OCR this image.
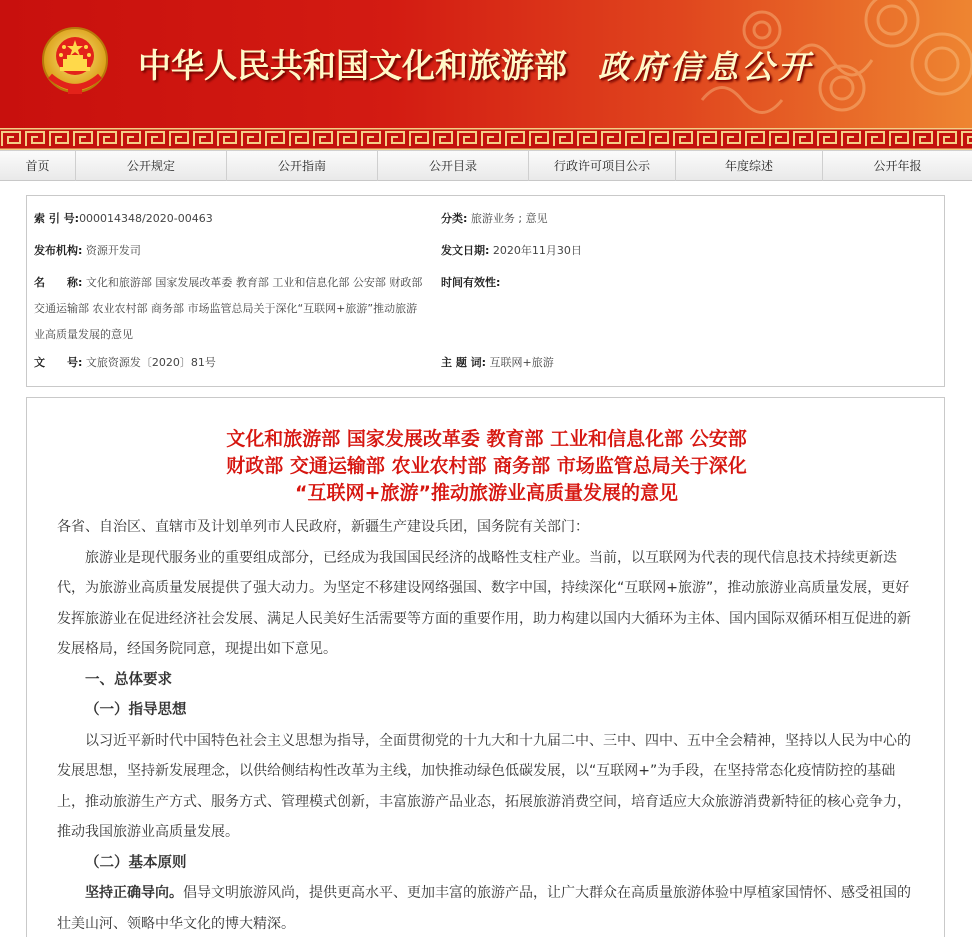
中华人民共和国文化和旅游部 政府信息公开
首页	公开规定	公开指南	公开目录	行政许可项目公示	年度综述	公开年报
索 引 号:000014348/2020-00463	分类: 旅游业务 ; 意见
发布机构: 资源开发司	发文日期: 2020年11月30日
名 称: 文化和旅游部 国家发展改革委 教育部 工业和信息化部 公安部 财政部 交通运输部 农业农村部 商务部 市场监管总局关于深化“互联网+旅游”推动旅游业高质量发展的意见
时间有效性:
文 号: 文旅资源发〔2020〕81号	主 题 词: 互联网+旅游
文化和旅游部 国家发展改革委 教育部 工业和信息化部 公安部
财政部 交通运输部 农业农村部 商务部 市场监管总局关于深化
“互联网+旅游”推动旅游业高质量发展的意见
各省、自治区、直辖市及计划单列市人民政府，新疆生产建设兵团，国务院有关部门：
旅游业是现代服务业的重要组成部分，已经成为我国国民经济的战略性支柱产业。当前，以互联网为代表的现代信息技术持续更新迭代，为旅游业高质量发展提供了强大动力。为坚定不移建设网络强国、数字中国，持续深化“互联网+旅游”，推动旅游业高质量发展，更好发挥旅游业在促进经济社会发展、满足人民美好生活需要等方面的重要作用，助力构建以国内大循环为主体、国内国际双循环相互促进的新发展格局，经国务院同意，现提出如下意见。
一、总体要求
（一）指导思想
以习近平新时代中国特色社会主义思想为指导，全面贯彻党的十九大和十九届二中、三中、四中、五中全会精神，坚持以人民为中心的发展思想，坚持新发展理念，以供给侧结构性改革为主线，加快推动绿色低碳发展，以“互联网+”为手段，在坚持常态化疫情防控的基础上，推动旅游生产方式、服务方式、管理模式创新，丰富旅游产品业态，拓展旅游消费空间，培育适应大众旅游消费新特征的核心竞争力，推动我国旅游业高质量发展。
（二）基本原则
坚持正确导向。倡导文明旅游风尚，提供更高水平、更加丰富的旅游产品，让广大群众在高质量旅游体验中厚植家国情怀、感受祖国的壮美山河、领略中华文化的博大精深。
